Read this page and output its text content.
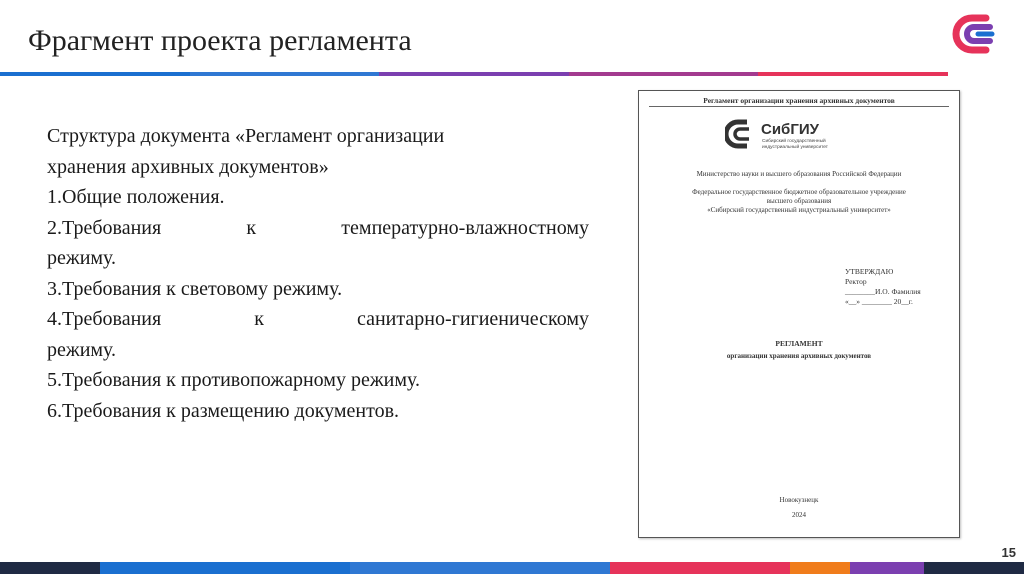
Фрагмент проекта регламента

Структура документа «Регламент организации

хранения архивных документов»

1.Общие положения.

2.Требования к температурно-влажностному

режиму.

3.Требования к световому режиму.

4.Требования к санитарно-гигиеническому

режиму.

5.Требования к противопожарному режиму.

6.Требования к размещению документов.

Регламент организации хранения архивных документов
СибГИУ
Сибирский государственный
индустриальный университет
Министерство науки и высшего образования Российской Федерации
Федеральное государственное бюджетное образовательное учреждение
высшего образования
«Сибирский государственный индустриальный университет»
УТВЕРЖДАЮ
Ректор
________И.О. Фамилия
«__» ________ 20__г.
РЕГЛАМЕНТ
организации хранения архивных документов
Новокузнецк
2024
15
